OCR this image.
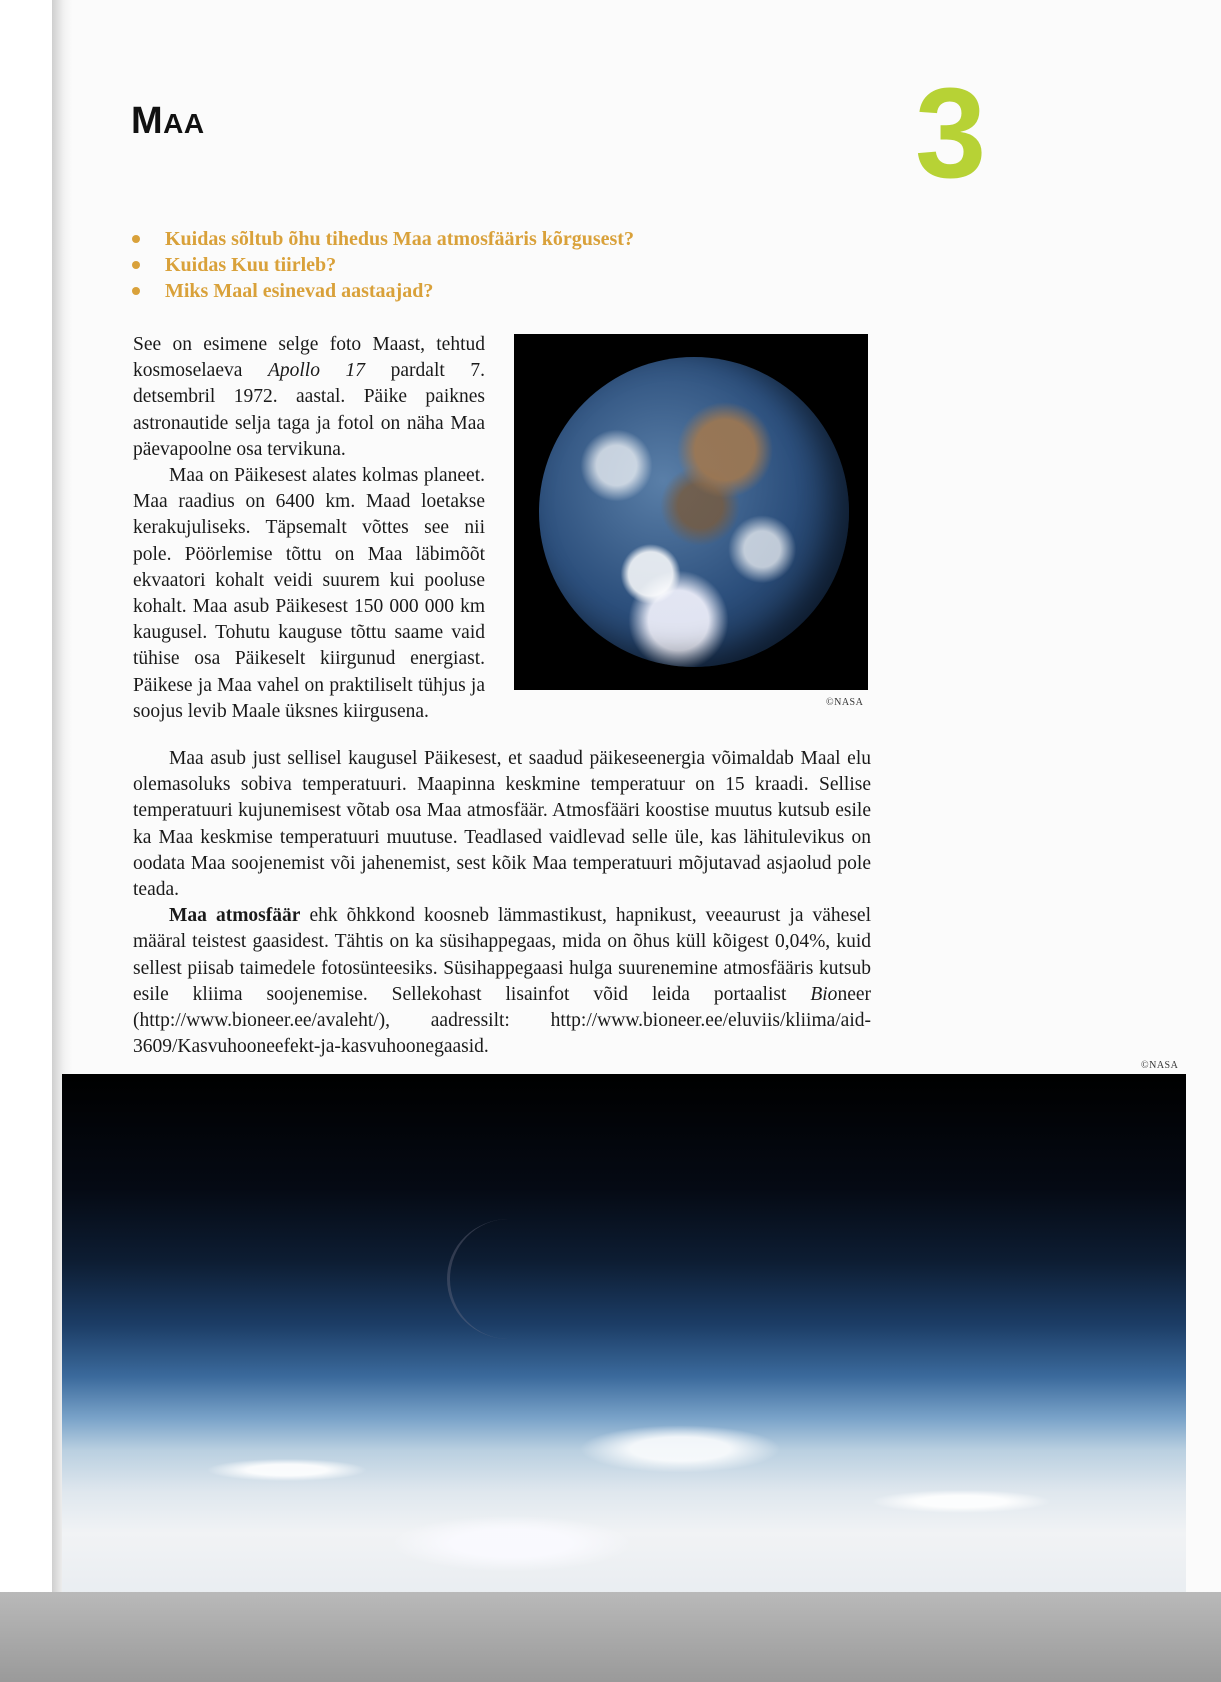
MAA	3
Kuidas sõltub õhu tihedus Maa atmosfääris kõrgusest?
Kuidas Kuu tiirleb?
Miks Maal esinevad aastaajad?

See on esimene selge foto Maast, tehtud kosmoselaeva Apollo 17 pardalt 7. detsembril 1972. aastal. Päike paiknes astronautide selja taga ja fotol on näha Maa päevapoolne osa tervikuna.

Maa on Päikesest alates kolmas planeet. Maa raadius on 6400 km. Maad loetakse kerakujuliseks. Täpsemalt võttes see nii pole. Pöörlemise tõttu on Maa läbimõõt ekvaatori kohalt veidi suurem kui pooluse kohalt. Maa asub Päikesest 150 000 000 km kaugusel. Tohutu kauguse tõttu saame vaid tühise osa Päikeselt kiirgunud energiast. Päikese ja Maa vahel on praktiliselt tühjus ja soojus levib Maale üksnes kiirgusena.	©NASA

Maa asub just sellisel kaugusel Päikesest, et saadud päikeseenergia võimaldab Maal elu olemasoluks sobiva temperatuuri. Maapinna keskmine temperatuur on 15 kraadi. Sellise temperatuuri kujunemisest võtab osa Maa atmosfäär. Atmosfääri koostise muutus kutsub esile ka Maa keskmise temperatuuri muutuse. Teadlased vaidlevad selle üle, kas lähitulevikus on oodata Maa soojenemist või jahenemist, sest kõik Maa temperatuuri mõjutavad asjaolud pole teada.

Maa atmosfäär ehk õhkkond koosneb lämmastikust, hapnikust, veeaurust ja vähesel määral teistest gaasidest. Tähtis on ka süsihappegaas, mida on õhus küll kõigest 0,04%, kuid sellest piisab taimedele fotosünteesiks. Süsihappegaasi hulga suurenemine atmosfääris kutsub esile kliima soojenemise. Sellekohast lisainfot võid leida portaalist Bioneer (http://www.bioneer.ee/avaleht/), aadressilt: http://www.bioneer.ee/eluviis/kliima/aid-3609/Kasvuhooneefekt-ja-kasvuhoonegaasid.

©NASA
